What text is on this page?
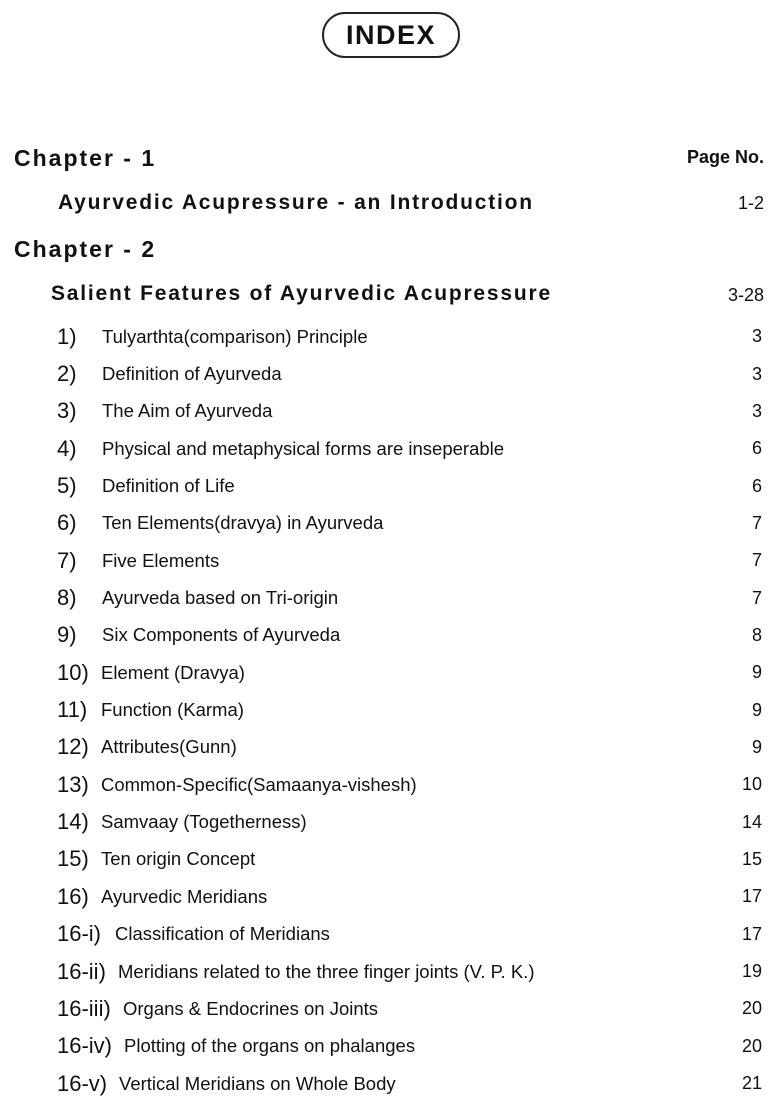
INDEX
Chapter - 1	Page No.
Ayurvedic Acupressure - an Introduction	1-2
Chapter - 2
Salient Features of Ayurvedic Acupressure	3-28
1) Tulyarthta(comparison) Principle	3
2) Definition of Ayurveda	3
3) The Aim of Ayurveda	3
4) Physical and metaphysical forms are inseperable	6
5) Definition of Life	6
6) Ten Elements(dravya) in Ayurveda	7
7) Five Elements	7
8) Ayurveda based on Tri-origin	7
9) Six Components of Ayurveda	8
10) Element (Dravya)	9
11) Function (Karma)	9
12) Attributes(Gunn)	9
13) Common-Specific(Samaanya-vishesh)	10
14) Samvaay (Togetherness)	14
15) Ten origin Concept	15
16) Ayurvedic Meridians	17
16-i) Classification of Meridians	17
16-ii) Meridians related to the three finger joints (V. P. K.)	19
16-iii) Organs & Endocrines on Joints	20
16-iv) Plotting of the organs on phalanges	20
16-v) Vertical Meridians on Whole Body	21
